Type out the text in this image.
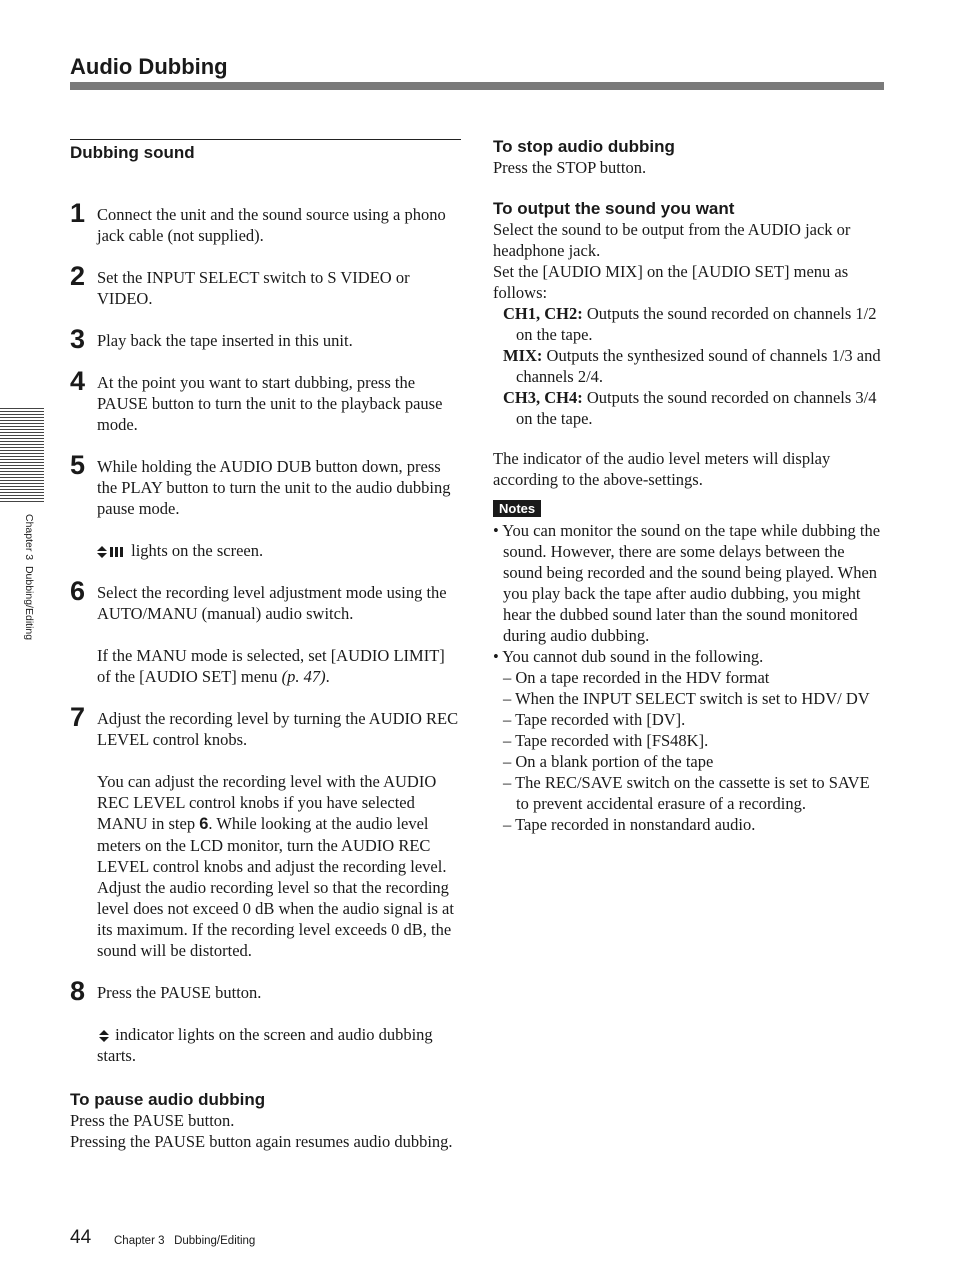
Audio Dubbing
Chapter 3  Dubbing/Editing
Dubbing sound
1 Connect the unit and the sound source using a phono jack cable (not supplied).

2 Set the INPUT SELECT switch to S VIDEO or VIDEO.

3 Play back the tape inserted in this unit.

4 At the point you want to start dubbing, press the PAUSE button to turn the unit to the playback pause mode.

5 While holding the AUDIO DUB button down, press the PLAY button to turn the unit to the audio dubbing pause mode.

lights on the screen.

6 Select the recording level adjustment mode using the AUTO/MANU (manual) audio switch.

If the MANU mode is selected, set [AUDIO LIMIT] of the [AUDIO SET] menu (p. 47).

7 Adjust the recording level by turning the AUDIO REC LEVEL control knobs.

You can adjust the recording level with the AUDIO REC LEVEL control knobs if you have selected MANU in step 6. While looking at the audio level meters on the LCD monitor, turn the AUDIO REC LEVEL control knobs and adjust the recording level. Adjust the audio recording level so that the recording level does not exceed 0 dB when the audio signal is at its maximum. If the recording level exceeds 0 dB, the sound will be distorted.

8 Press the PAUSE button.

indicator lights on the screen and audio dubbing starts.

To pause audio dubbing
Press the PAUSE button.
Pressing the PAUSE button again resumes audio dubbing.
To stop audio dubbing
Press the STOP button.
To output the sound you want
Select the sound to be output from the AUDIO jack or headphone jack.
Set the [AUDIO MIX] on the [AUDIO SET] menu as follows:
CH1, CH2: Outputs the sound recorded on channels 1/2 on the tape.
MIX: Outputs the synthesized sound of channels 1/3 and channels 2/4.
CH3, CH4: Outputs the sound recorded on channels 3/4 on the tape.
The indicator of the audio level meters will display according to the above-settings.
Notes
• You can monitor the sound on the tape while dubbing the sound. However, there are some delays between the sound being recorded and the sound being played. When you play back the tape after audio dubbing, you might hear the dubbed sound later than the sound monitored during audio dubbing.
• You cannot dub sound in the following.
– On a tape recorded in the HDV format
– When the INPUT SELECT switch is set to HDV/ DV
– Tape recorded with [DV].
– Tape recorded with [FS48K].
– On a blank portion of the tape
– The REC/SAVE switch on the cassette is set to SAVE to prevent accidental erasure of a recording.
– Tape recorded in nonstandard audio.
44 Chapter 3   Dubbing/Editing
